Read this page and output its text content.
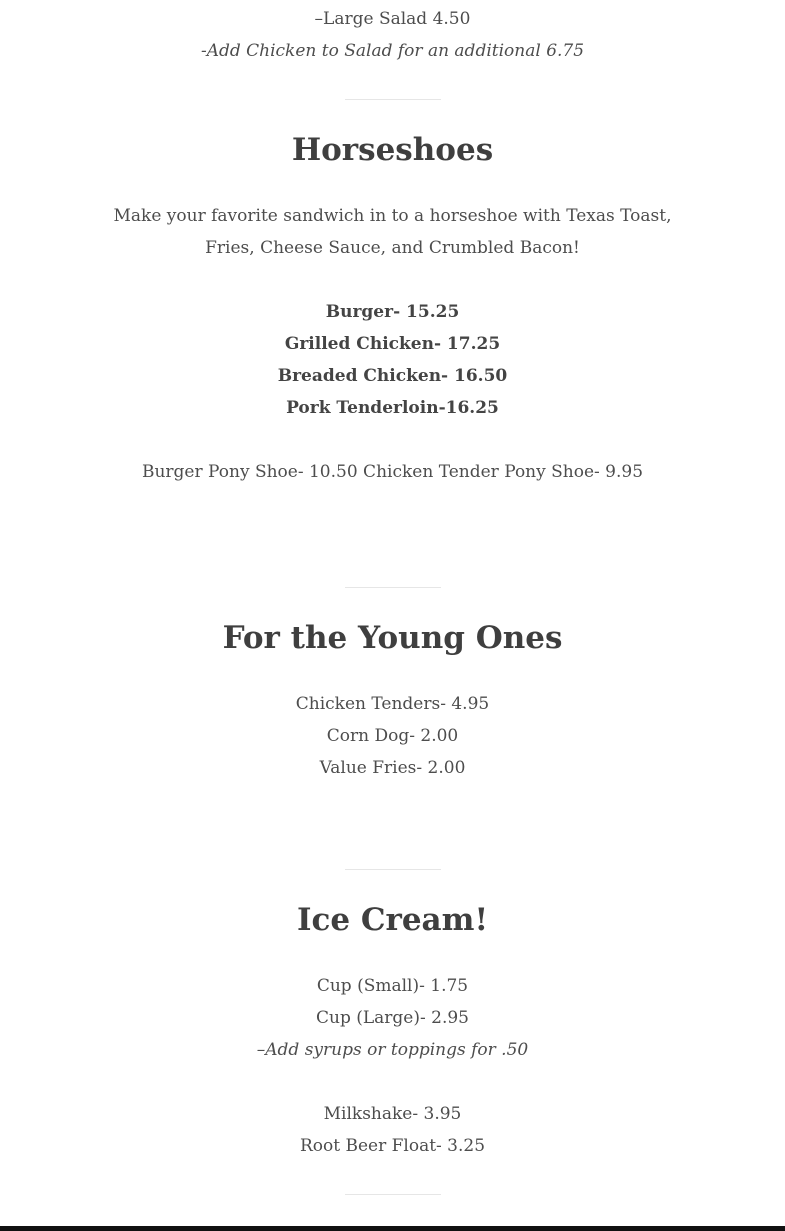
–Large Salad 4.50
-Add Chicken to Salad for an additional 6.75
Horseshoes
Make your favorite sandwich in to a horseshoe with Texas Toast,
Fries, Cheese Sauce, and Crumbled Bacon!
Burger- 15.25
Grilled Chicken- 17.25
Breaded Chicken- 16.50
Pork Tenderloin-16.25
Burger Pony Shoe- 10.50 Chicken Tender Pony Shoe- 9.95
For the Young Ones
Chicken Tenders- 4.95
Corn Dog- 2.00
Value Fries- 2.00
Ice Cream!
Cup (Small)- 1.75
Cup (Large)- 2.95
–Add syrups or toppings for .50
Milkshake- 3.95
Root Beer Float- 3.25
